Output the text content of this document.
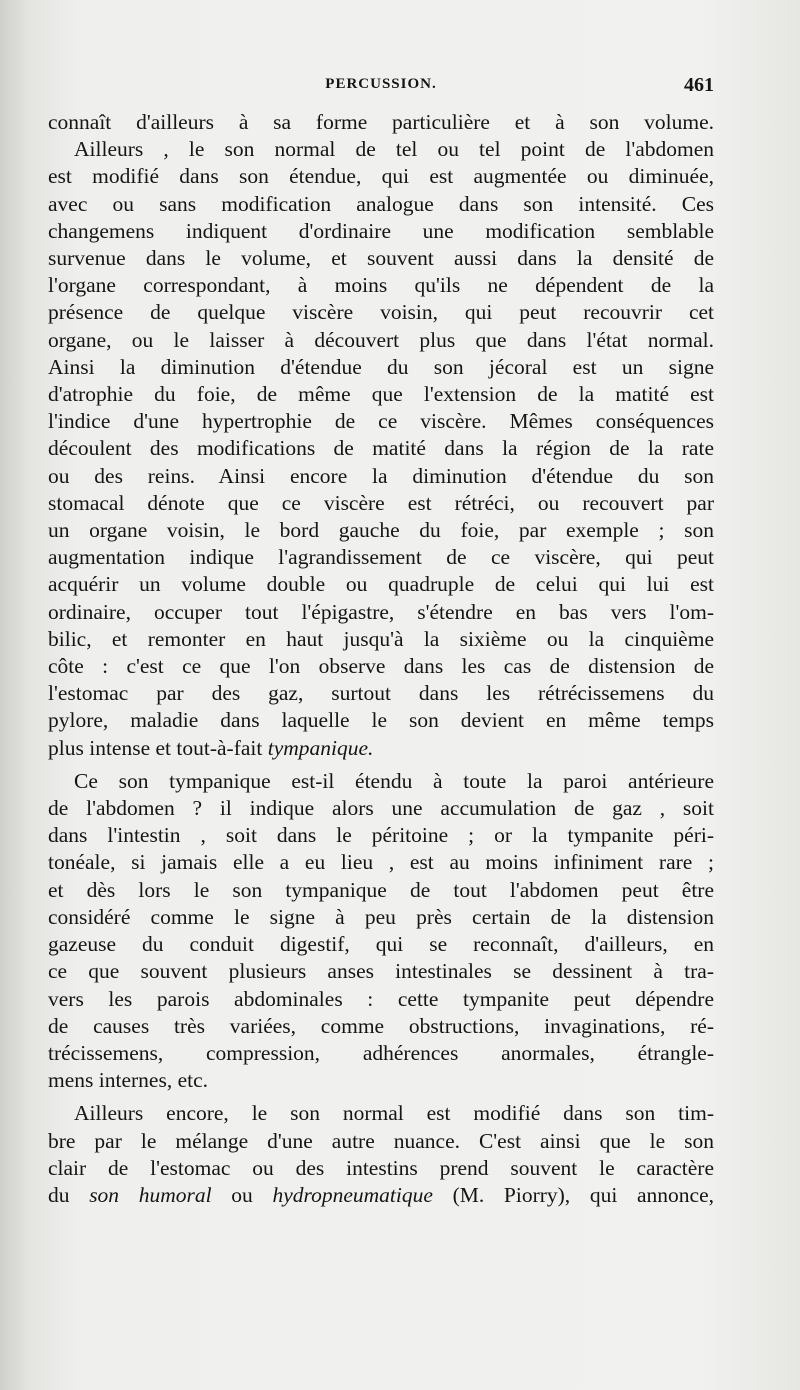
PERCUSSION.	461
connaît d'ailleurs à sa forme particulière et à son volume.
Ailleurs , le son normal de tel ou tel point de l'abdomen
est modifié dans son étendue, qui est augmentée ou diminuée,
avec ou sans modification analogue dans son intensité. Ces
changemens indiquent d'ordinaire une modification semblable
survenue dans le volume, et souvent aussi dans la densité de
l'organe correspondant, à moins qu'ils ne dépendent de la
présence de quelque viscère voisin, qui peut recouvrir cet
organe, ou le laisser à découvert plus que dans l'état normal.
Ainsi la diminution d'étendue du son jécoral est un signe
d'atrophie du foie, de même que l'extension de la matité est
l'indice d'une hypertrophie de ce viscère. Mêmes conséquences
découlent des modifications de matité dans la région de la rate
ou des reins. Ainsi encore la diminution d'étendue du son
stomacal dénote que ce viscère est rétréci, ou recouvert par
un organe voisin, le bord gauche du foie, par exemple ; son
augmentation indique l'agrandissement de ce viscère, qui peut
acquérir un volume double ou quadruple de celui qui lui est
ordinaire, occuper tout l'épigastre, s'étendre en bas vers l'om-
bilic, et remonter en haut jusqu'à la sixième ou la cinquième
côte : c'est ce que l'on observe dans les cas de distension de
l'estomac par des gaz, surtout dans les rétrécissemens du
pylore, maladie dans laquelle le son devient en même temps
plus intense et tout-à-fait tympanique.
Ce son tympanique est-il étendu à toute la paroi antérieure
de l'abdomen ? il indique alors une accumulation de gaz , soit
dans l'intestin , soit dans le péritoine ; or la tympanite péri-
tonéale, si jamais elle a eu lieu , est au moins infiniment rare ;
et dès lors le son tympanique de tout l'abdomen peut être
considéré comme le signe à peu près certain de la distension
gazeuse du conduit digestif, qui se reconnaît, d'ailleurs, en
ce que souvent plusieurs anses intestinales se dessinent à tra-
vers les parois abdominales : cette tympanite peut dépendre
de causes très variées, comme obstructions, invaginations, ré-
trécissemens, compression, adhérences anormales, étrangle-
mens internes, etc.
Ailleurs encore, le son normal est modifié dans son tim-
bre par le mélange d'une autre nuance. C'est ainsi que le son
clair de l'estomac ou des intestins prend souvent le caractère
du son humoral ou hydropneumatique (M. Piorry), qui annonce,
